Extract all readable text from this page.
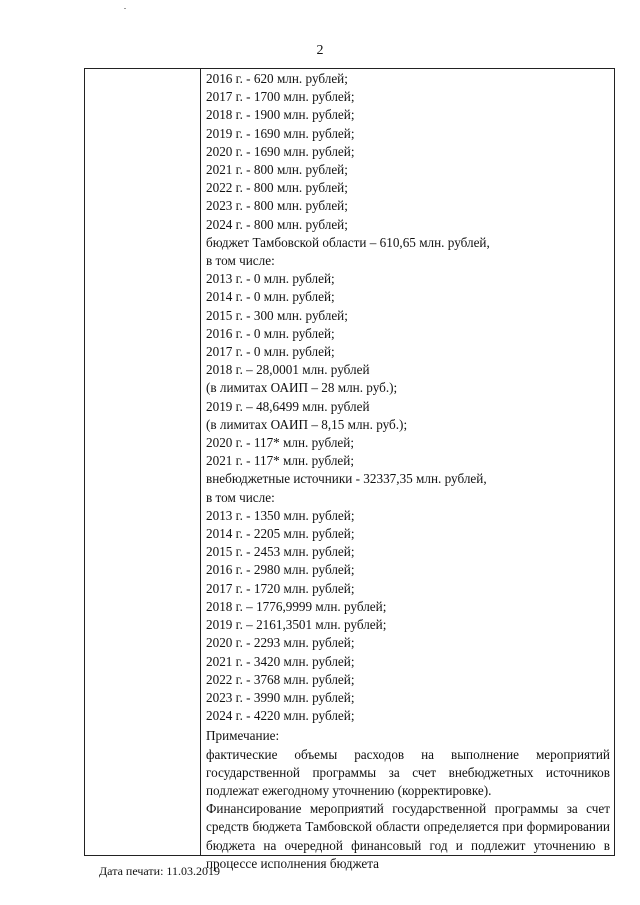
2
2016 г. - 620 млн. рублей;
2017 г. - 1700 млн. рублей;
2018 г. - 1900 млн. рублей;
2019 г. - 1690 млн. рублей;
2020 г. - 1690 млн. рублей;
2021 г. - 800 млн. рублей;
2022 г. - 800 млн. рублей;
2023 г. - 800 млн. рублей;
2024 г. - 800 млн. рублей;
бюджет Тамбовской области – 610,65 млн. рублей,
в том числе:
2013 г. - 0 млн. рублей;
2014 г. - 0 млн. рублей;
2015 г. - 300 млн. рублей;
2016 г. - 0 млн. рублей;
2017 г. - 0 млн. рублей;
2018 г. – 28,0001 млн. рублей
(в лимитах ОАИП – 28 млн. руб.);
2019 г. – 48,6499 млн. рублей
(в лимитах ОАИП – 8,15 млн. руб.);
2020 г. - 117* млн. рублей;
2021 г. - 117* млн. рублей;
внебюджетные источники - 32337,35 млн. рублей,
в том числе:
2013 г. - 1350 млн. рублей;
2014 г. - 2205 млн. рублей;
2015 г. - 2453 млн. рублей;
2016 г. - 2980 млн. рублей;
2017 г. - 1720 млн. рублей;
2018 г. – 1776,9999 млн. рублей;
2019 г. – 2161,3501 млн. рублей;
2020 г. - 2293 млн. рублей;
2021 г. - 3420 млн. рублей;
2022 г. - 3768 млн. рублей;
2023 г. - 3990 млн. рублей;
2024 г. - 4220 млн. рублей;
Примечание:
фактические объемы расходов на выполнение мероприятий государственной программы за счет внебюджетных источников подлежат ежегодному уточнению (корректировке).
Финансирование мероприятий государственной программы за счет средств бюджета Тамбовской области определяется при формировании бюджета на очередной финансовый год и подлежит уточнению в процессе исполнения бюджета
Дата печати: 11.03.2019
